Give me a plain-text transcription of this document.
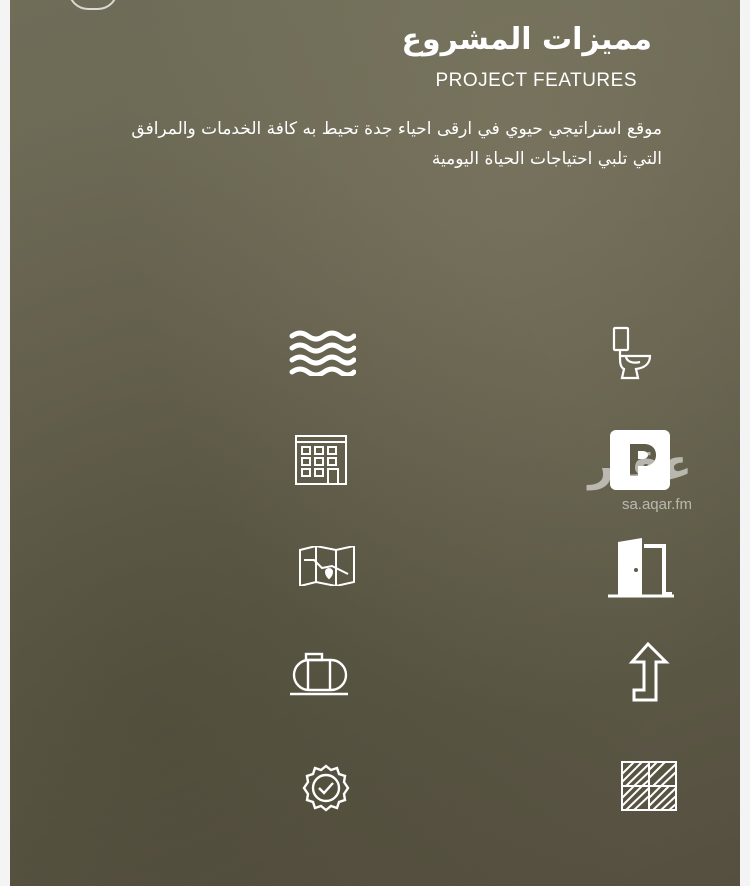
مميزات المشروع
PROJECT FEATURES
موقع استراتيجي حيوي في ارقى احياء جدة تحيط به كافة الخدمات والمرافق
التي تلبي احتياجات الحياة اليومية
عقار
sa.aqar.fm
